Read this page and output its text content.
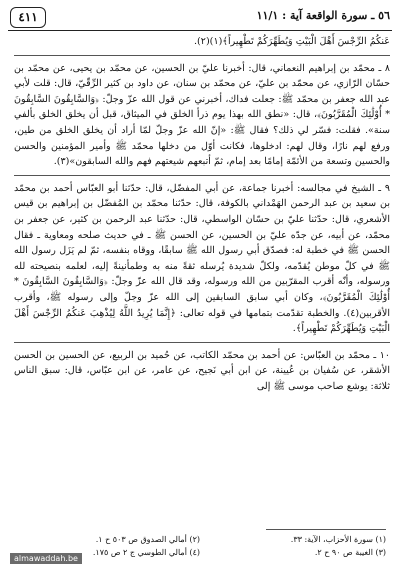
٤١١	٥٦ ـ سورة الواقعة آية : ١١/١

عَنكُمُ الرِّجْسَ أَهْلَ الْبَيْتِ وَيُطَهِّرَكُمْ تَطْهِيراً﴾(١)(٢).

٨ ـ محمّد بن إبراهيم النعماني، قال: أخبرنا عليّ بن الحسين، عن محمّد بن يحيى، عن محمّد بن حسّان الرّازي، عن محمّد بن عليّ، عن محمّد بن سنان، عن داود بن كثير الرِّقّيّ، قال: قلت لأبي عبد الله جعفر بن محمّد ﷺ: جعلت فداك، أخبرني عن قول الله عزّ وجلّ: ﴿وَالسَّابِقُونَ السَّابِقُونَ * أُوْلَٰئِكَ الْمُقَرَّبُونَ﴾، قال: «نطق الله بهذا يوم ذرأ الخلق في الميثاق، قبل أن يخلق الخلق بألفي سنة». فقلت: فسّر لي ذلك؟ فقال ﷺ: «إنّ الله عزّ وجلّ لمّا أراد أن يخلق الخلق من طين، ورفع لهم نارًا، وقال لهم: ادخلوها، فكانت أوّل من دخلها محمّد ﷺ وأمير المؤمنين والحسن والحسين وتسعة من الأئمّة إمامًا بعد إمام، ثمّ أتبعهم شيعتهم فهم والله السابقون»(٣).

٩ ـ الشيخ في مجالسه: أخبرنا جماعة، عن أبي المفضّل، قال: حدّثنا أبو العبّاس أحمد بن محمّد بن سعيد بن عبد الرحمن الهَمْداني بالكوفة، قال: حدّثنا محمّد بن المُفضّل بن إبراهيم بن قيس الأشعري، قال: حدّثنا عليّ بن حسّان الواسطي، قال: حدّثنا عبد الرحمن بن كثير، عن جعفر بن محمّد، عن أبيه، عن جدّه عليّ بن الحسين، عن الحسن ﷺ ـ في حديث صلحه ومعاوية ـ فقال الحسن ﷺ في خطبة له: فصدّق أبي رسول الله ﷺ سابقًا، ووقاه بنفسه، ثمّ لم يَزَل رسول الله ﷺ في كلّ موطن يُقدّمه، ولكلّ شديدة يُرسله ثقةً منه به وطمأنينةً إليه، لعلمه بنصيحته لله ورسوله، وأنّه أقرب المقرّبين من الله ورسوله، وقد قال الله عزّ وجلّ: ﴿وَالسَّابِقُونَ السَّابِقُونَ * أُوْلَٰئِكَ الْمُقَرَّبُونَ﴾، وكان أبي سابق السابقين إلى الله عزّ وجلّ وإلى رسوله ﷺ، وأقرب الأقربين(٤). والخطبة تقدّمت بتمامها في قوله تعالى: ﴿إِنَّمَا يُرِيدُ اللَّهُ لِيُذْهِبَ عَنكُمُ الرِّجْسَ أَهْلَ الْبَيْتِ وَيُطَهِّرَكُمْ تَطْهِيراً﴾.

١٠ ـ محمّد بن العبّاس: عن أحمد بن محمّد الكاتب، عن حُميد بن الربيع، عن الحسين بن الحسن الأشقر، عن سُفيان بن عُيينة، عن ابن أبي نَجيح، عن عامر، عن ابن عبّاس، قال: سبق الناس ثلاثة: يوشع صاحب موسى ﷺ إلى

(١) سورة الأحزاب، الآية: ٣٣.
(٢) أمالي الصدوق ص ٥٠٣ ح ١.
(٣) الغيبة ص ٩٠ ح ٢.
(٤) أمالي الطوسي ج ٢ ص ١٧٥.
almawaddah.be
